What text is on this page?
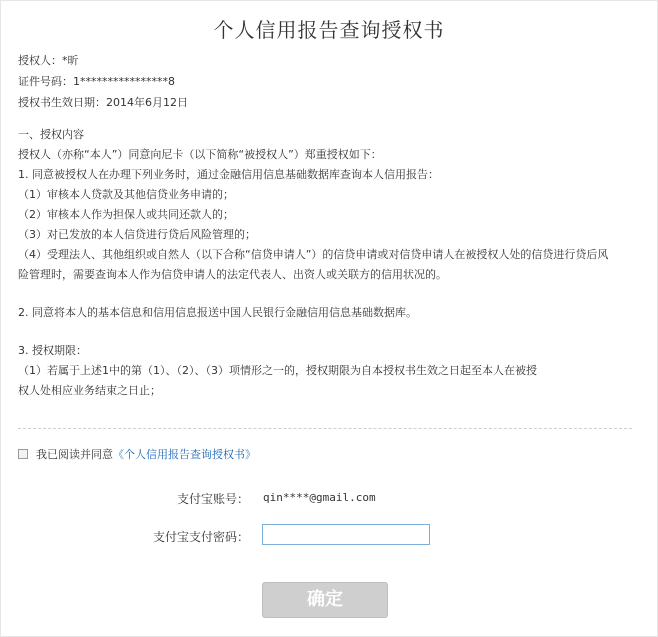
个人信用报告查询授权书
授权人：*昕
证件号码：1****************8
授权书生效日期：2014年6月12日

一、授权内容

授权人（亦称“本人”）同意向尼卡（以下简称“被授权人”）郑重授权如下：

1. 同意被授权人在办理下列业务时，通过金融信用信息基础数据库查询本人信用报告：

（1）审核本人贷款及其他信贷业务申请的；

（2）审核本人作为担保人或共同还款人的；

（3）对已发放的本人信贷进行贷后风险管理的；

（4）受理法人、其他组织或自然人（以下合称“信贷申请人”）的信贷申请或对信贷申请人在被授权人处的信贷进行贷后风

险管理时，需要查询本人作为信贷申请人的法定代表人、出资人或关联方的信用状况的。

2. 同意将本人的基本信息和信用信息报送中国人民银行金融信用信息基础数据库。

3. 授权期限：

（1）若属于上述1中的第（1）、（2）、（3）项情形之一的，授权期限为自本授权书生效之日起至本人在被授

权人处相应业务结束之日止；

我已阅读并同意 《个人信用报告查询授权书》
支付宝账号： qin****@gmail.com
支付宝支付密码：
确定
